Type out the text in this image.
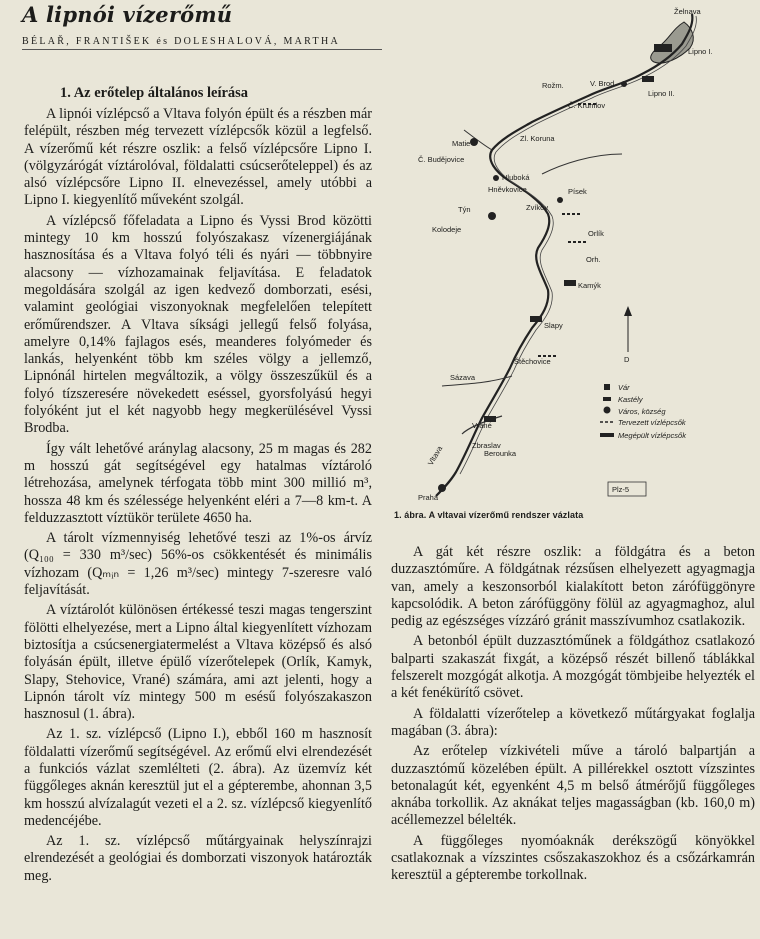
A lipnói vízerőmű
BÉLAŘ, FRANTIŠEK és DOLESHALOVÁ, MARTHA
1. Az erőtelep általános leírása

A lipnói vízlépcső a Vltava folyón épült és a részben már felépült, részben még tervezett vízlépcsők közül a legfelső. A vízerőmű két részre oszlik: a felső vízlépcsőre Lipno I. (völgyzárógát víztárolóval, földalatti csúcserőteleppel) és az alsó vízlépcsőre Lipno II. elnevezéssel, amely utóbbi a Lipno I. kiegyenlítő műveként szolgál.

A vízlépcső főfeladata a Lipno és Vyssi Brod közötti mintegy 10 km hosszú folyószakasz vízenergiájának hasznosítása és a Vltava folyó téli és nyári — többnyire alacsony — vízhozamainak feljavítása. E feladatok megoldására szolgál az igen kedvező domborzati, esési, valamint geológiai viszonyoknak megfelelően telepített erőműrendszer. A Vltava síksági jellegű felső folyása, amelyre 0,14% fajlagos esés, meanderes folyómeder és lankás, helyenként több km széles völgy a jellemző, Lipnónál hirtelen megváltozik, a völgy összeszűkül és a folyó tízszeresére növekedett eséssel, gyorsfolyású hegyi folyóként jut el két nagyobb hegy megkerülésével Vyssi Brodba.

Így vált lehetővé aránylag alacsony, 25 m magas és 282 m hosszú gát segítségével egy hatalmas víztároló létrehozása, amelynek térfogata több mint 300 millió m³, hossza 48 km és szélessége helyenként eléri a 7—8 km-t. A felduzzasztott víztükör területe 4650 ha.

A tárolt vízmennyiség lehetővé teszi az 1%-os árvíz (Q₁₀₀ = 330 m³/sec) 56%-os csökkentését és minimális vízhozam (Qₘᵢₙ = 1,26 m³/sec) mintegy 7-szeresre való feljavítását.

A víztárolót különösen értékessé teszi magas tengerszint fölötti elhelyezése, mert a Lipno által kiegyenlített vízhozam biztosítja a csúcsenergiatermelést a Vltava középső és alsó folyásán épült, illetve épülő vízerőtelepek (Orlík, Kamyk, Slapy, Stehovice, Vrané) számára, ami azt jelenti, hogy a Lipnón tárolt víz mintegy 500 m esésű folyószakaszon hasznosul (1. ábra).

Az 1. sz. vízlépcső (Lipno I.), ebből 160 m hasznosít földalatti vízerőmű segítségével. Az erőmű elvi elrendezését a funkciós vázlat szemlélteti (2. ábra). Az üzemvíz két függőleges aknán keresztül jut el a gépterembe, ahonnan 3,5 km hosszú alvízalagút vezeti el a 2. sz. vízlépcső kiegyenlítő medencéjébe.

Az 1. sz. vízlépcső műtárgyainak helyszínrajzi elrendezését a geológiai és domborzati viszonyok határozták meg.

Želnava
Lipno I.
Rožm.	V. Brod
Lipno II.
Č. Krumlov
Zl. Koruna
Matie
Č. Budějovice
Hluboká
Hněvkovice
Týn
Kolodeje
Zvíkov
Písek
Orlík
Orh.
Kamýk
Slapy
Štěchovice
Sázava
Vrané
Zbraslav
Berounka
Vltava
Praha
Plz-5
D
Vár
Kastély
Város, község
Tervezett vízlépcsők
Megépült vízlépcsők
1. ábra. A vltavai vízerőmű rendszer vázlata

A gát két részre oszlik: a földgátra és a beton duzzasztóműre. A földgátnak rézsűsen elhelyezett agyagmagja van, amely a keszonsorból kialakított beton zárófüggönyre kapcsolódik. A beton zárófüggöny fölül az agyagmaghoz, alul pedig az egészséges vízzáró gránit masszívumhoz csatlakozik.

A betonból épült duzzasztóműnek a földgáthoz csatlakozó balparti szakaszát fixgát, a középső részét billenő táblákkal felszerelt mozgógát alkotja. A mozgógát tömbjeibe helyezték el a két fenékürítő csövet.

A földalatti vízerőtelep a következő műtárgyakat foglalja magában (3. ábra):

Az erőtelep vízkivételi műve a tároló balpartján a duzzasztómű közelében épült. A pillérekkel osztott vízszintes betonalagút két, egyenként 4,5 m belső átmérőjű függőleges aknába torkollik. Az aknákat teljes magasságban (kb. 160,0 m) acéllemezzel bélelték.

A függőleges nyomóaknák derékszögű könyökkel csatlakoznak a vízszintes csőszakaszokhoz és a csőzárkamrán keresztül a gépterembe torkollnak.
